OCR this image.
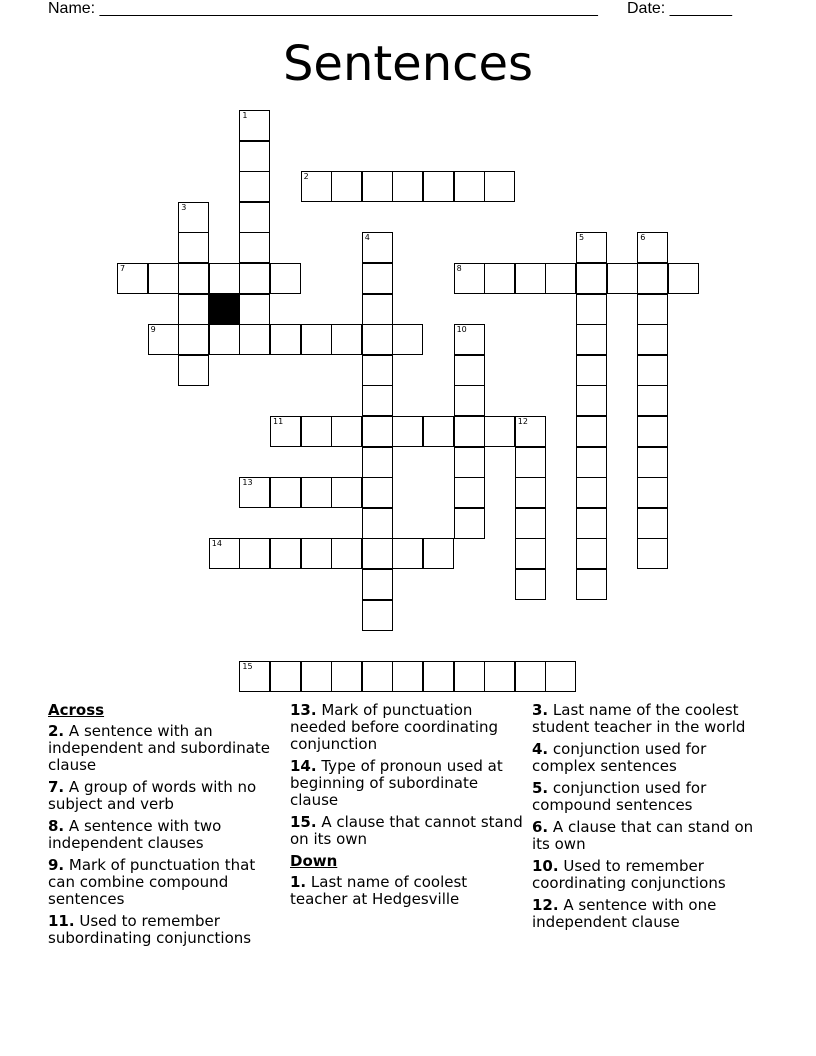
Name: ________________________________________________________ Date: _______
Sentences
2
7	8
9
11	12
13
14
15
1
3
4	5	6
10
Across
2. A sentence with an independent and subordinate clause
7. A group of words with no subject and verb
8. A sentence with two independent clauses
9. Mark of punctuation that can combine compound sentences
11. Used to remember subordinating conjunctions
13. Mark of punctuation needed before coordinating conjunction
14. Type of pronoun used at beginning of subordinate clause
15. A clause that cannot stand on its own
Down
1. Last name of coolest teacher at Hedgesville
3. Last name of the coolest student teacher in the world
4. conjunction used for complex sentences
5. conjunction used for compound sentences
6. A clause that can stand on its own
10. Used to remember coordinating conjunctions
12. A sentence with one independent clause
